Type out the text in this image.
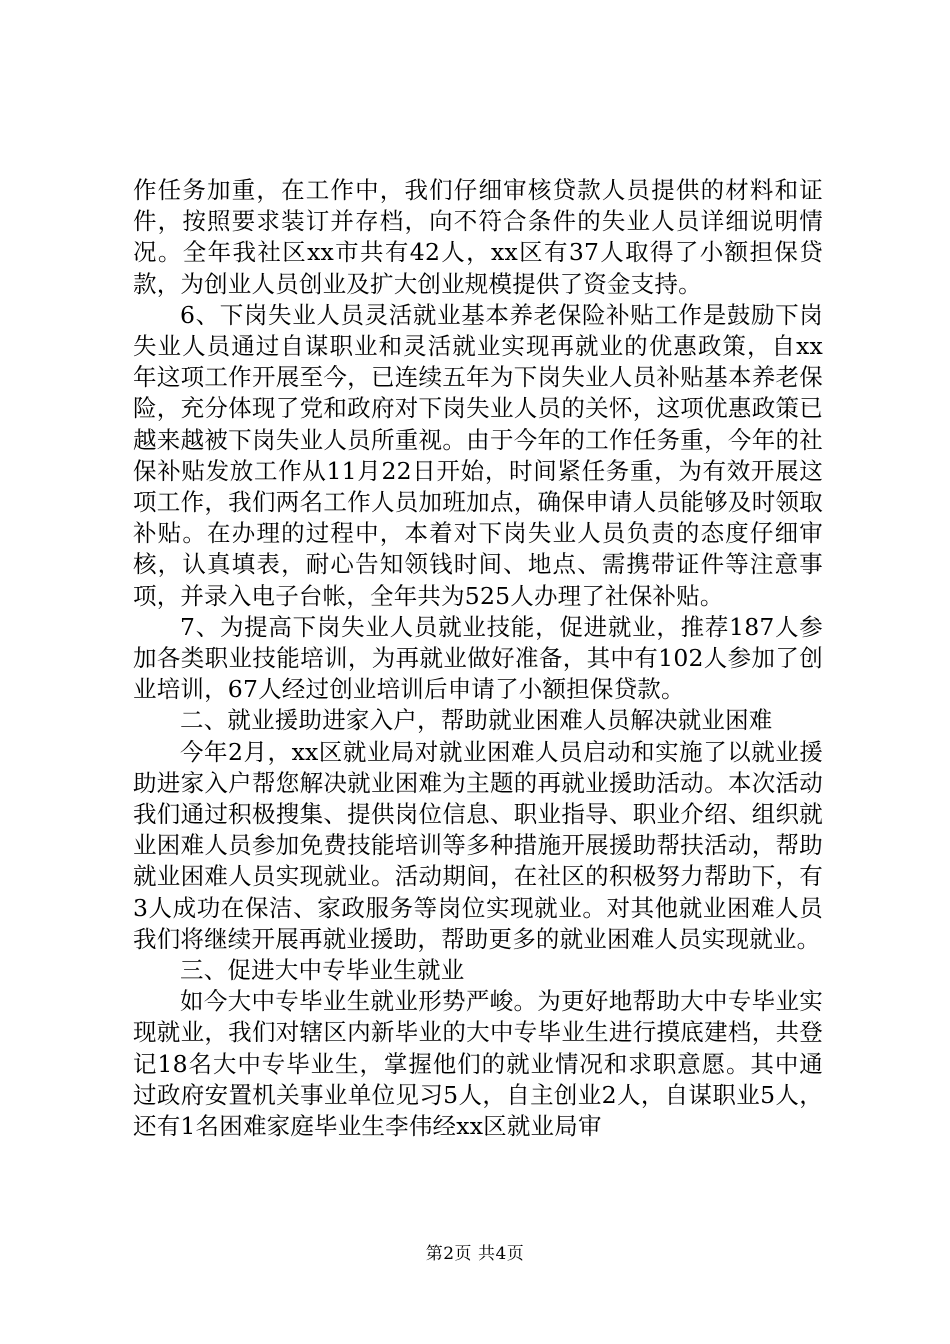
作任务加重，在工作中，我们仔细审核贷款人员提供的材料和证件，按照要求装订并存档，向不符合条件的失业人员详细说明情况。全年我社区xx市共有42人，xx区有37人取得了小额担保贷款，为创业人员创业及扩大创业规模提供了资金支持。

6、下岗失业人员灵活就业基本养老保险补贴工作是鼓励下岗失业人员通过自谋职业和灵活就业实现再就业的优惠政策，自xx年这项工作开展至今，已连续五年为下岗失业人员补贴基本养老保险，充分体现了党和政府对下岗失业人员的关怀，这项优惠政策已越来越被下岗失业人员所重视。由于今年的工作任务重，今年的社保补贴发放工作从11月22日开始，时间紧任务重，为有效开展这项工作，我们两名工作人员加班加点，确保申请人员能够及时领取补贴。在办理的过程中，本着对下岗失业人员负责的态度仔细审核，认真填表，耐心告知领钱时间、地点、需携带证件等注意事项，并录入电子台帐，全年共为525人办理了社保补贴。

7、为提高下岗失业人员就业技能，促进就业，推荐187人参加各类职业技能培训，为再就业做好准备，其中有102人参加了创业培训，67人经过创业培训后申请了小额担保贷款。

二、就业援助进家入户，帮助就业困难人员解决就业困难

今年2月，xx区就业局对就业困难人员启动和实施了以就业援助进家入户帮您解决就业困难为主题的再就业援助活动。本次活动我们通过积极搜集、提供岗位信息、职业指导、职业介绍、组织就业困难人员参加免费技能培训等多种措施开展援助帮扶活动，帮助就业困难人员实现就业。活动期间，在社区的积极努力帮助下，有3人成功在保洁、家政服务等岗位实现就业。对其他就业困难人员我们将继续开展再就业援助，帮助更多的就业困难人员实现就业。

三、促进大中专毕业生就业

如今大中专毕业生就业形势严峻。为更好地帮助大中专毕业实现就业，我们对辖区内新毕业的大中专毕业生进行摸底建档，共登记18名大中专毕业生，掌握他们的就业情况和求职意愿。其中通过政府安置机关事业单位见习5人，自主创业2人，自谋职业5人，还有1名困难家庭毕业生李伟经xx区就业局审

第2页 共4页
